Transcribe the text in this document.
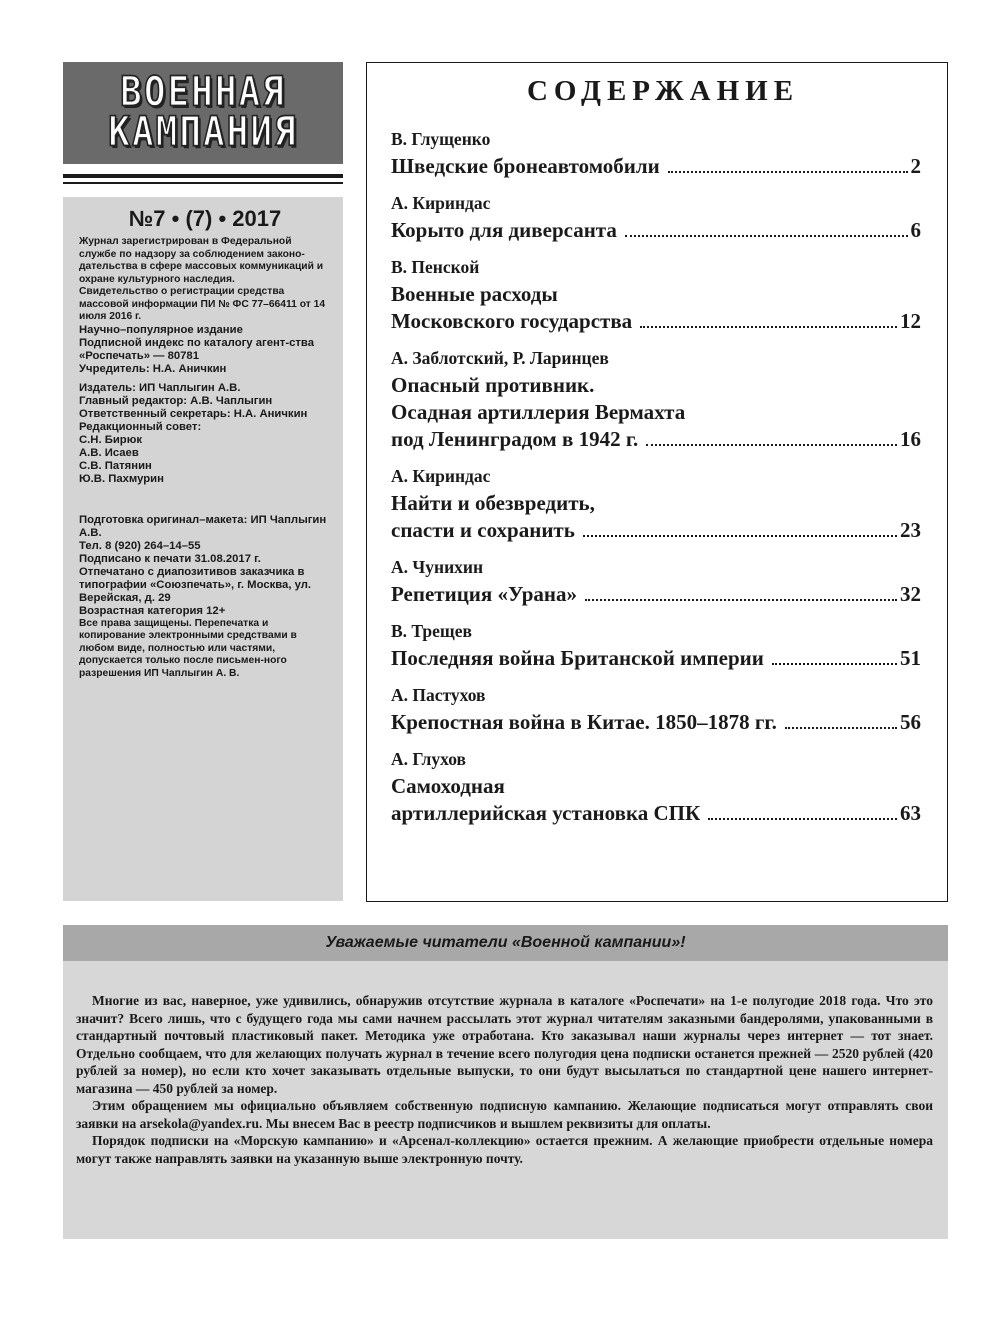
ВОЕННАЯ
КАМПАНИЯ
№7 • (7) • 2017

Журнал зарегистрирован в Федеральной службе по надзору за соблюдением законо-дательства в сфере массовых коммуникаций и охране культурного наследия.

Свидетельство о регистрации средства массовой информации ПИ № ФС 77–66411 от 14 июля 2016 г.

Научно–популярное издание

Подписной индекс по каталогу агент-ства «Роспечать» — 80781

Учредитель: Н.А. Аничкин

Издатель: ИП Чаплыгин А.В.

Главный редактор: А.В. Чаплыгин

Ответственный секретарь: Н.А. Аничкин

Редакционный совет:

С.Н. Бирюк

А.В. Исаев

С.В. Патянин

Ю.В. Пахмурин

Подготовка оригинал–макета: ИП Чаплыгин А.В.

Тел. 8 (920) 264–14–55

Подписано к печати 31.08.2017 г.

Отпечатано с диапозитивов заказчика в типографии «Союзпечать», г. Москва, ул. Верейская, д. 29

Возрастная категория 12+

Все права защищены. Перепечатка и копирование электронными средствами в любом виде, полностью или частями, допускается только после письмен-ного разрешения ИП Чаплыгин А. В.

СОДЕРЖАНИЕ
В. Глущенко
Шведские бронеавтомобили	2
А. Кириндас
Корыто для диверсанта	6
В. Пенской
Военные расходы
Московского государства	12
А. Заблотский, Р. Ларинцев
Опасный противник.
Осадная артиллерия Вермахта
под Ленинградом в 1942 г.	16
А. Кириндас
Найти и обезвредить,
спасти и сохранить	23
А. Чунихин
Репетиция «Урана»	32
В. Трещев
Последняя война Британской империи	51
А. Пастухов
Крепостная война в Китае. 1850–1878 гг.	56
А. Глухов
Самоходная
артиллерийская установка СПК	63
Уважаемые читатели «Военной кампании»!

Многие из вас, наверное, уже удивились, обнаружив отсутствие журнала в каталоге «Роспечати» на 1-е полугодие 2018 года. Что это значит? Всего лишь, что с будущего года мы сами начнем рассылать этот журнал читателям заказными бандеролями, упакованными в стандартный почтовый пластиковый пакет. Методика уже отработана. Кто заказывал наши журналы через интернет — тот знает. Отдельно сообщаем, что для желающих получать журнал в течение всего полугодия цена подписки останется прежней — 2520 рублей (420 рублей за номер), но если кто хочет заказывать отдельные выпуски, то они будут высылаться по стандартной цене нашего интернет-магазина — 450 рублей за номер.

Этим обращением мы официально объявляем собственную подписную кампанию. Желающие подписаться могут отправлять свои заявки на arsekola@yandex.ru. Мы внесем Вас в реестр подписчиков и вышлем реквизиты для оплаты.

Порядок подписки на «Морскую кампанию» и «Арсенал-коллекцию» остается прежним. А желающие приобрести отдельные номера могут также направлять заявки на указанную выше электронную почту.
